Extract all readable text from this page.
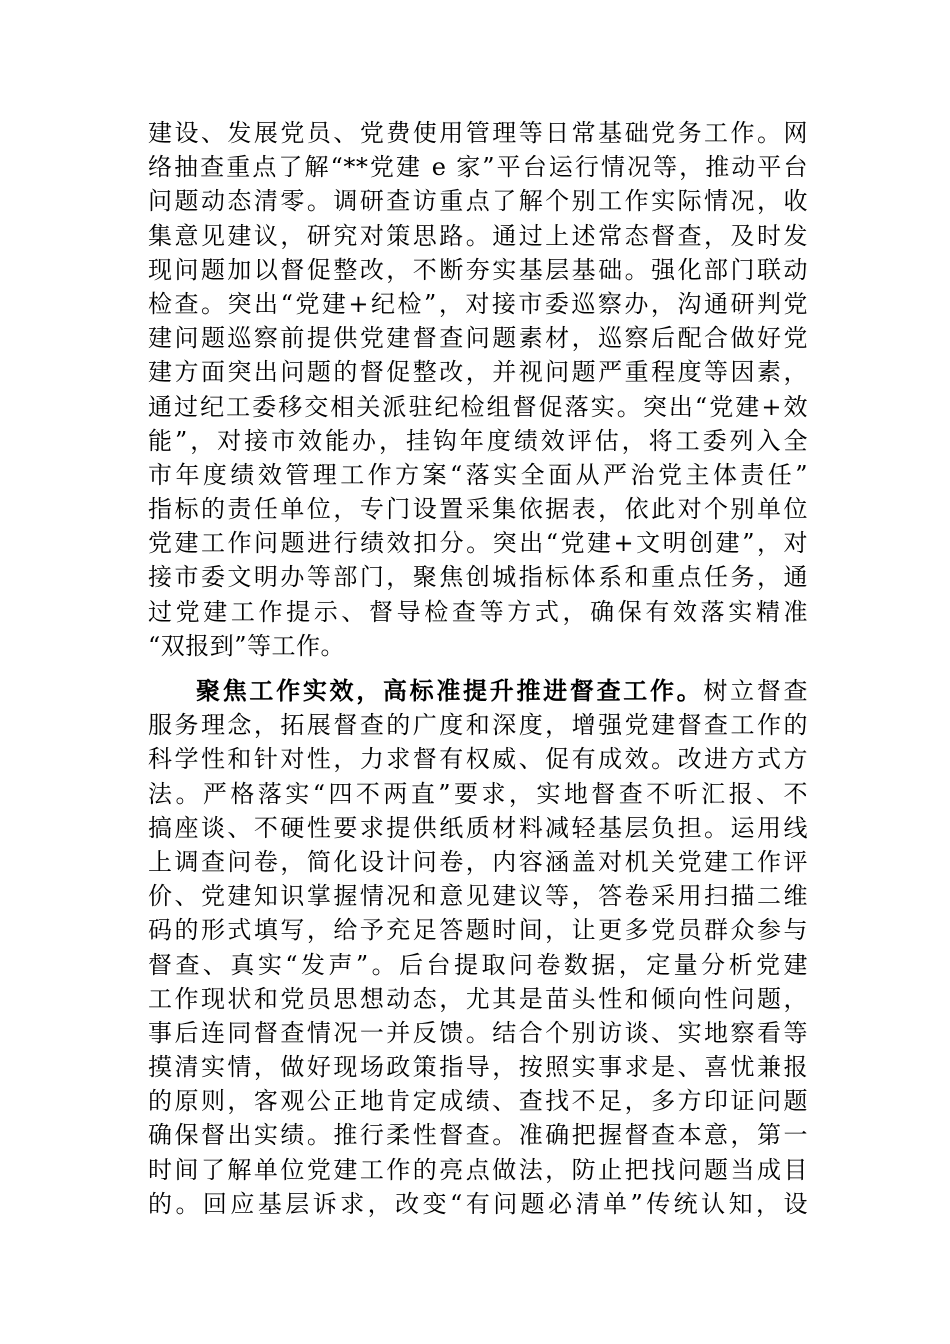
建设、发展党员、党费使用管理等日常基础党务工作。网
络抽查重点了解“**党建 e 家”平台运行情况等，推动平台
问题动态清零。调研查访重点了解个别工作实际情况，收
集意见建议，研究对策思路。通过上述常态督查，及时发
现问题加以督促整改，不断夯实基层基础。强化部门联动
检查。突出“党建+纪检”，对接市委巡察办，沟通研判党
建问题巡察前提供党建督查问题素材，巡察后配合做好党
建方面突出问题的督促整改，并视问题严重程度等因素，
通过纪工委移交相关派驻纪检组督促落实。突出“党建+效
能”，对接市效能办，挂钩年度绩效评估，将工委列入全
市年度绩效管理工作方案“落实全面从严治党主体责任”
指标的责任单位，专门设置采集依据表，依此对个别单位
党建工作问题进行绩效扣分。突出“党建+文明创建”，对
接市委文明办等部门，聚焦创城指标体系和重点任务，通
过党建工作提示、督导检查等方式，确保有效落实精准
“双报到”等工作。
聚焦工作实效，高标准提升推进督查工作。树立督查
服务理念，拓展督查的广度和深度，增强党建督查工作的
科学性和针对性，力求督有权威、促有成效。改进方式方
法。严格落实“四不两直”要求，实地督查不听汇报、不
搞座谈、不硬性要求提供纸质材料减轻基层负担。运用线
上调查问卷，简化设计问卷，内容涵盖对机关党建工作评
价、党建知识掌握情况和意见建议等，答卷采用扫描二维
码的形式填写，给予充足答题时间，让更多党员群众参与
督查、真实“发声”。后台提取问卷数据，定量分析党建
工作现状和党员思想动态，尤其是苗头性和倾向性问题，
事后连同督查情况一并反馈。结合个别访谈、实地察看等
摸清实情，做好现场政策指导，按照实事求是、喜忧兼报
的原则，客观公正地肯定成绩、查找不足，多方印证问题
确保督出实绩。推行柔性督查。准确把握督查本意，第一
时间了解单位党建工作的亮点做法，防止把找问题当成目
的。回应基层诉求，改变“有问题必清单”传统认知，设
